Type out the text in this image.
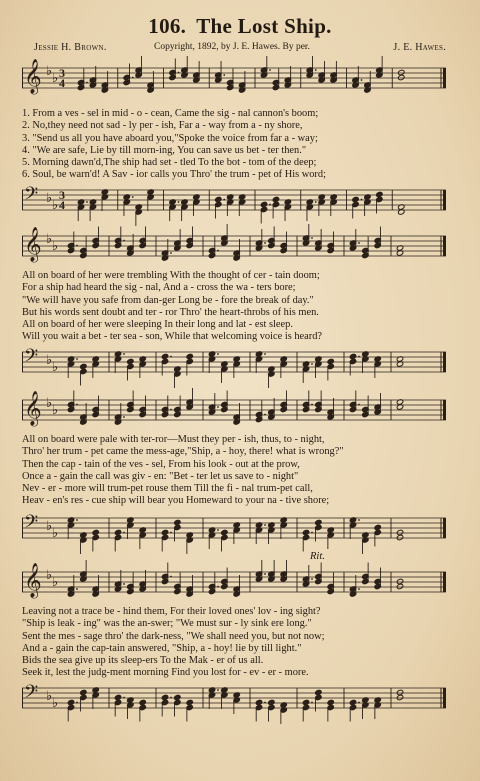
106. The Lost Ship.
Jessie H. Brown.	Copyright, 1892, by J. E. Hawes. By per.	J. E. Hawes.
𝄞 ♭ ♭ 3
4
1. From a ves - sel in mid - o - cean, Came the sig - nal cannon's boom;
2. No,they need not sad - ly per - ish, Far a - way from a - ny shore,
3. "Send us all you have aboard you,"Spoke the voice from far a - way;
4. "We are safe, Lie by till morn-ing, You can save us bet - ter then."
5. Morning dawn'd,The ship had set - tled To the bot - tom of the deep;
6. Soul, be warn'd! A Sav - ior calls you Thro' the trum - pet of His word;
𝄢 ♭ ♭
3
4
𝄞 ♭ ♭
All on board of her were trembling With the thought of cer - tain doom;
For a ship had heard the sig - nal, And a - cross the wa - ters bore;
"We will have you safe from dan-ger Long be - fore the break of day."
But his words sent doubt and ter - ror Thro' the heart-throbs of his men.
All on board of her were sleeping In their long and lat - est sleep.
Will you wait a bet - ter sea - son, While that welcoming voice is heard?
𝄢 ♭ ♭
𝄞 ♭ ♭
All on board were pale with ter-ror—Must they per - ish, thus, to - night,
Thro' her trum - pet came the mess-age,"Ship, a - hoy, there! what is wrong?"
Then the cap - tain of the ves - sel, From his look - out at the prow,
Once a - gain the call was giv - en: "Bet - ter let us save to - night"
Nev - er - more will trum-pet rouse them Till the fi - nal trum-pet call,
Heav - en's res - cue ship will bear you Homeward to your na - tive shore;
𝄢 ♭ ♭
Rit.
𝄞 ♭ ♭
Leaving not a trace be - hind them, For their loved ones' lov - ing sight?
"Ship is leak - ing" was the an-swer; "We must sur - ly sink ere long."
Sent the mes - sage thro' the dark-ness, "We shall need you, but not now;
And a - gain the cap-tain answered, "Ship, a - hoy! lie by till light."
Bids the sea give up its sleep-ers To the Mak - er of us all.
Seek it, lest the judg-ment morning Find you lost for - ev - er - more.
𝄢 ♭ ♭
